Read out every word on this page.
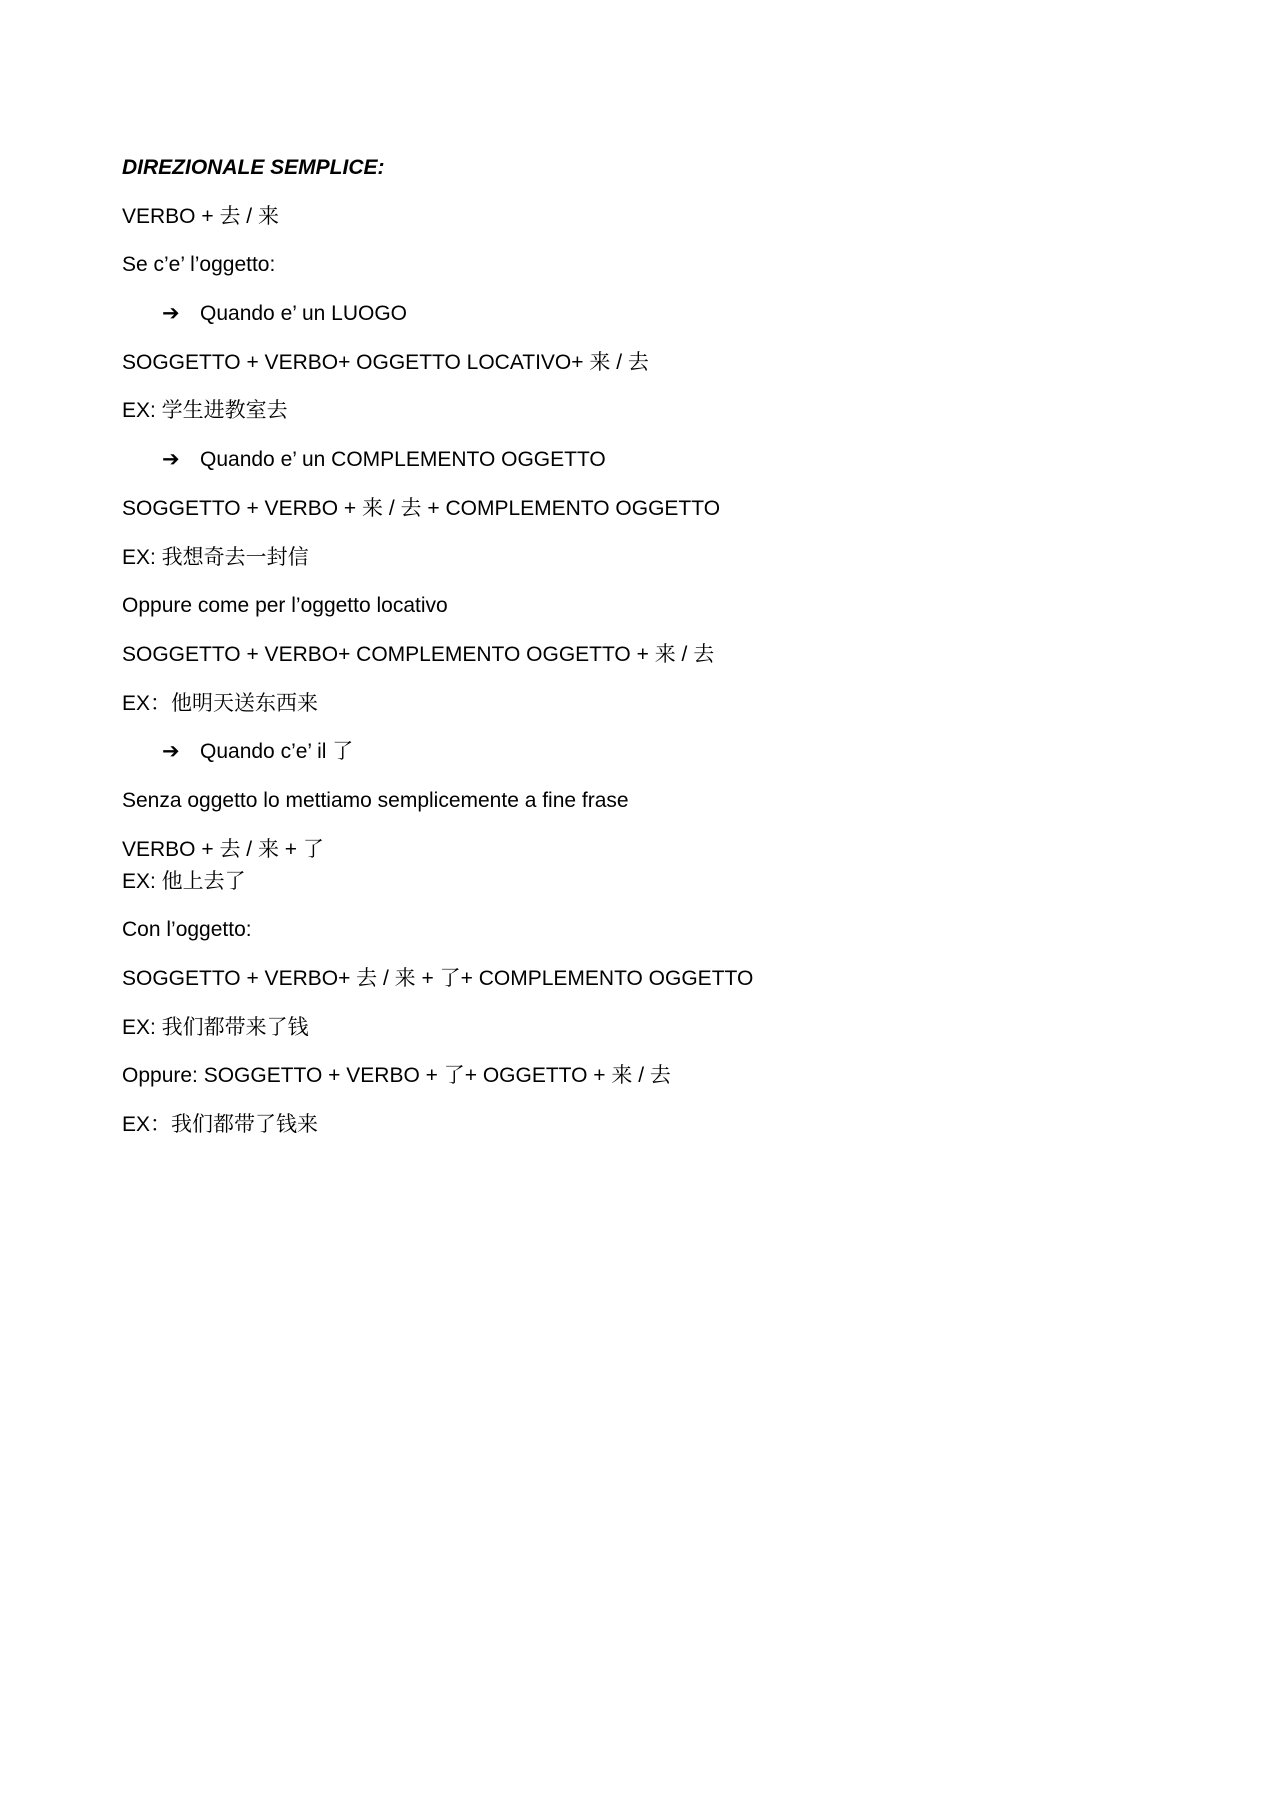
DIREZIONALE SEMPLICE:
VERBO + 去 / 来
Se c’e’ l’oggetto:
➔ Quando e’ un LUOGO
SOGGETTO + VERBO+ OGGETTO LOCATIVO+ 来 / 去
EX: 学生进教室去
➔ Quando e’ un COMPLEMENTO OGGETTO
SOGGETTO + VERBO + 来 / 去 + COMPLEMENTO OGGETTO
EX: 我想奇去一封信
Oppure come per l’oggetto locativo
SOGGETTO + VERBO+ COMPLEMENTO OGGETTO + 来 / 去
EX：他明天送东西来
➔ Quando c’e’ il 了
Senza oggetto lo mettiamo semplicemente a fine frase
VERBO + 去 / 来 + 了
EX: 他上去了
Con l’oggetto:
SOGGETTO + VERBO+ 去 / 来 + 了+ COMPLEMENTO OGGETTO
EX: 我们都带来了钱
Oppure: SOGGETTO + VERBO + 了+ OGGETTO + 来 / 去
EX：我们都带了钱来
